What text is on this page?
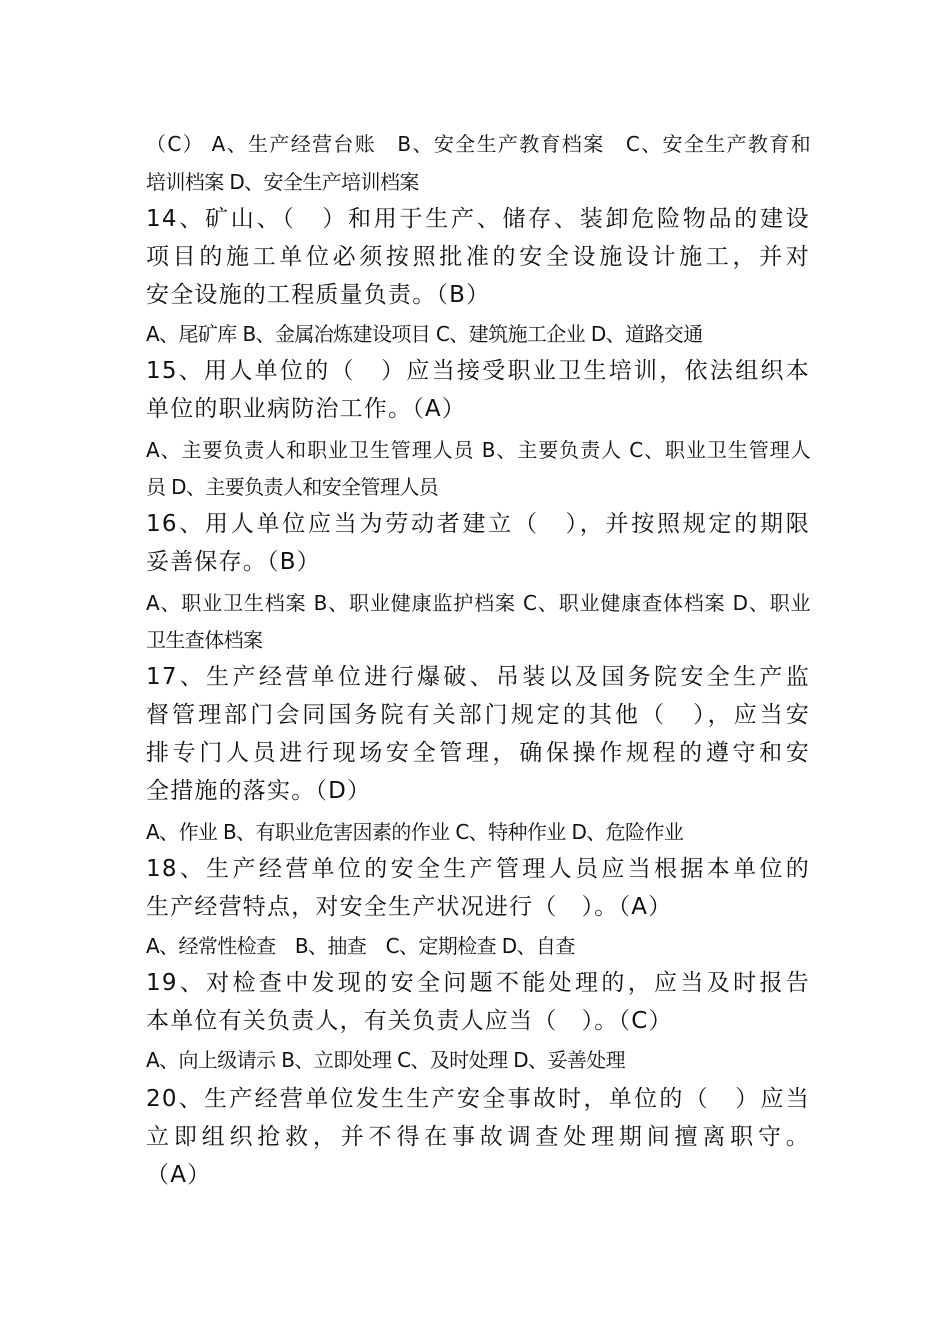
（C） A、生产经营台账　B、安全生产教育档案　C、安全生产教育和
培训档案 D、安全生产培训档案
14、矿山、（　）和用于生产、储存、装卸危险物品的建设
项目的施工单位必须按照批准的安全设施设计施工，并对
安全设施的工程质量负责。（B）
A、尾矿库 B、金属冶炼建设项目 C、建筑施工企业 D、道路交通
15、用人单位的（　）应当接受职业卫生培训，依法组织本
单位的职业病防治工作。（A）
A、主要负责人和职业卫生管理人员 B、主要负责人 C、职业卫生管理人
员 D、主要负责人和安全管理人员
16、用人单位应当为劳动者建立（　），并按照规定的期限
妥善保存。（B）
A、职业卫生档案 B、职业健康监护档案 C、职业健康查体档案 D、职业
卫生查体档案
17、生产经营单位进行爆破、吊装以及国务院安全生产监
督管理部门会同国务院有关部门规定的其他（　），应当安
排专门人员进行现场安全管理，确保操作规程的遵守和安
全措施的落实。（D）
A、作业 B、有职业危害因素的作业 C、特种作业 D、危险作业
18、生产经营单位的安全生产管理人员应当根据本单位的
生产经营特点，对安全生产状况进行（　）。（A）
A、经常性检查　B、抽查　C、定期检查 D、自查
19、对检查中发现的安全问题不能处理的，应当及时报告
本单位有关负责人，有关负责人应当（　）。（C）
A、向上级请示 B、立即处理 C、及时处理 D、妥善处理
20、生产经营单位发生生产安全事故时，单位的（　）应当
立即组织抢救，并不得在事故调查处理期间擅离职守。
（A）
